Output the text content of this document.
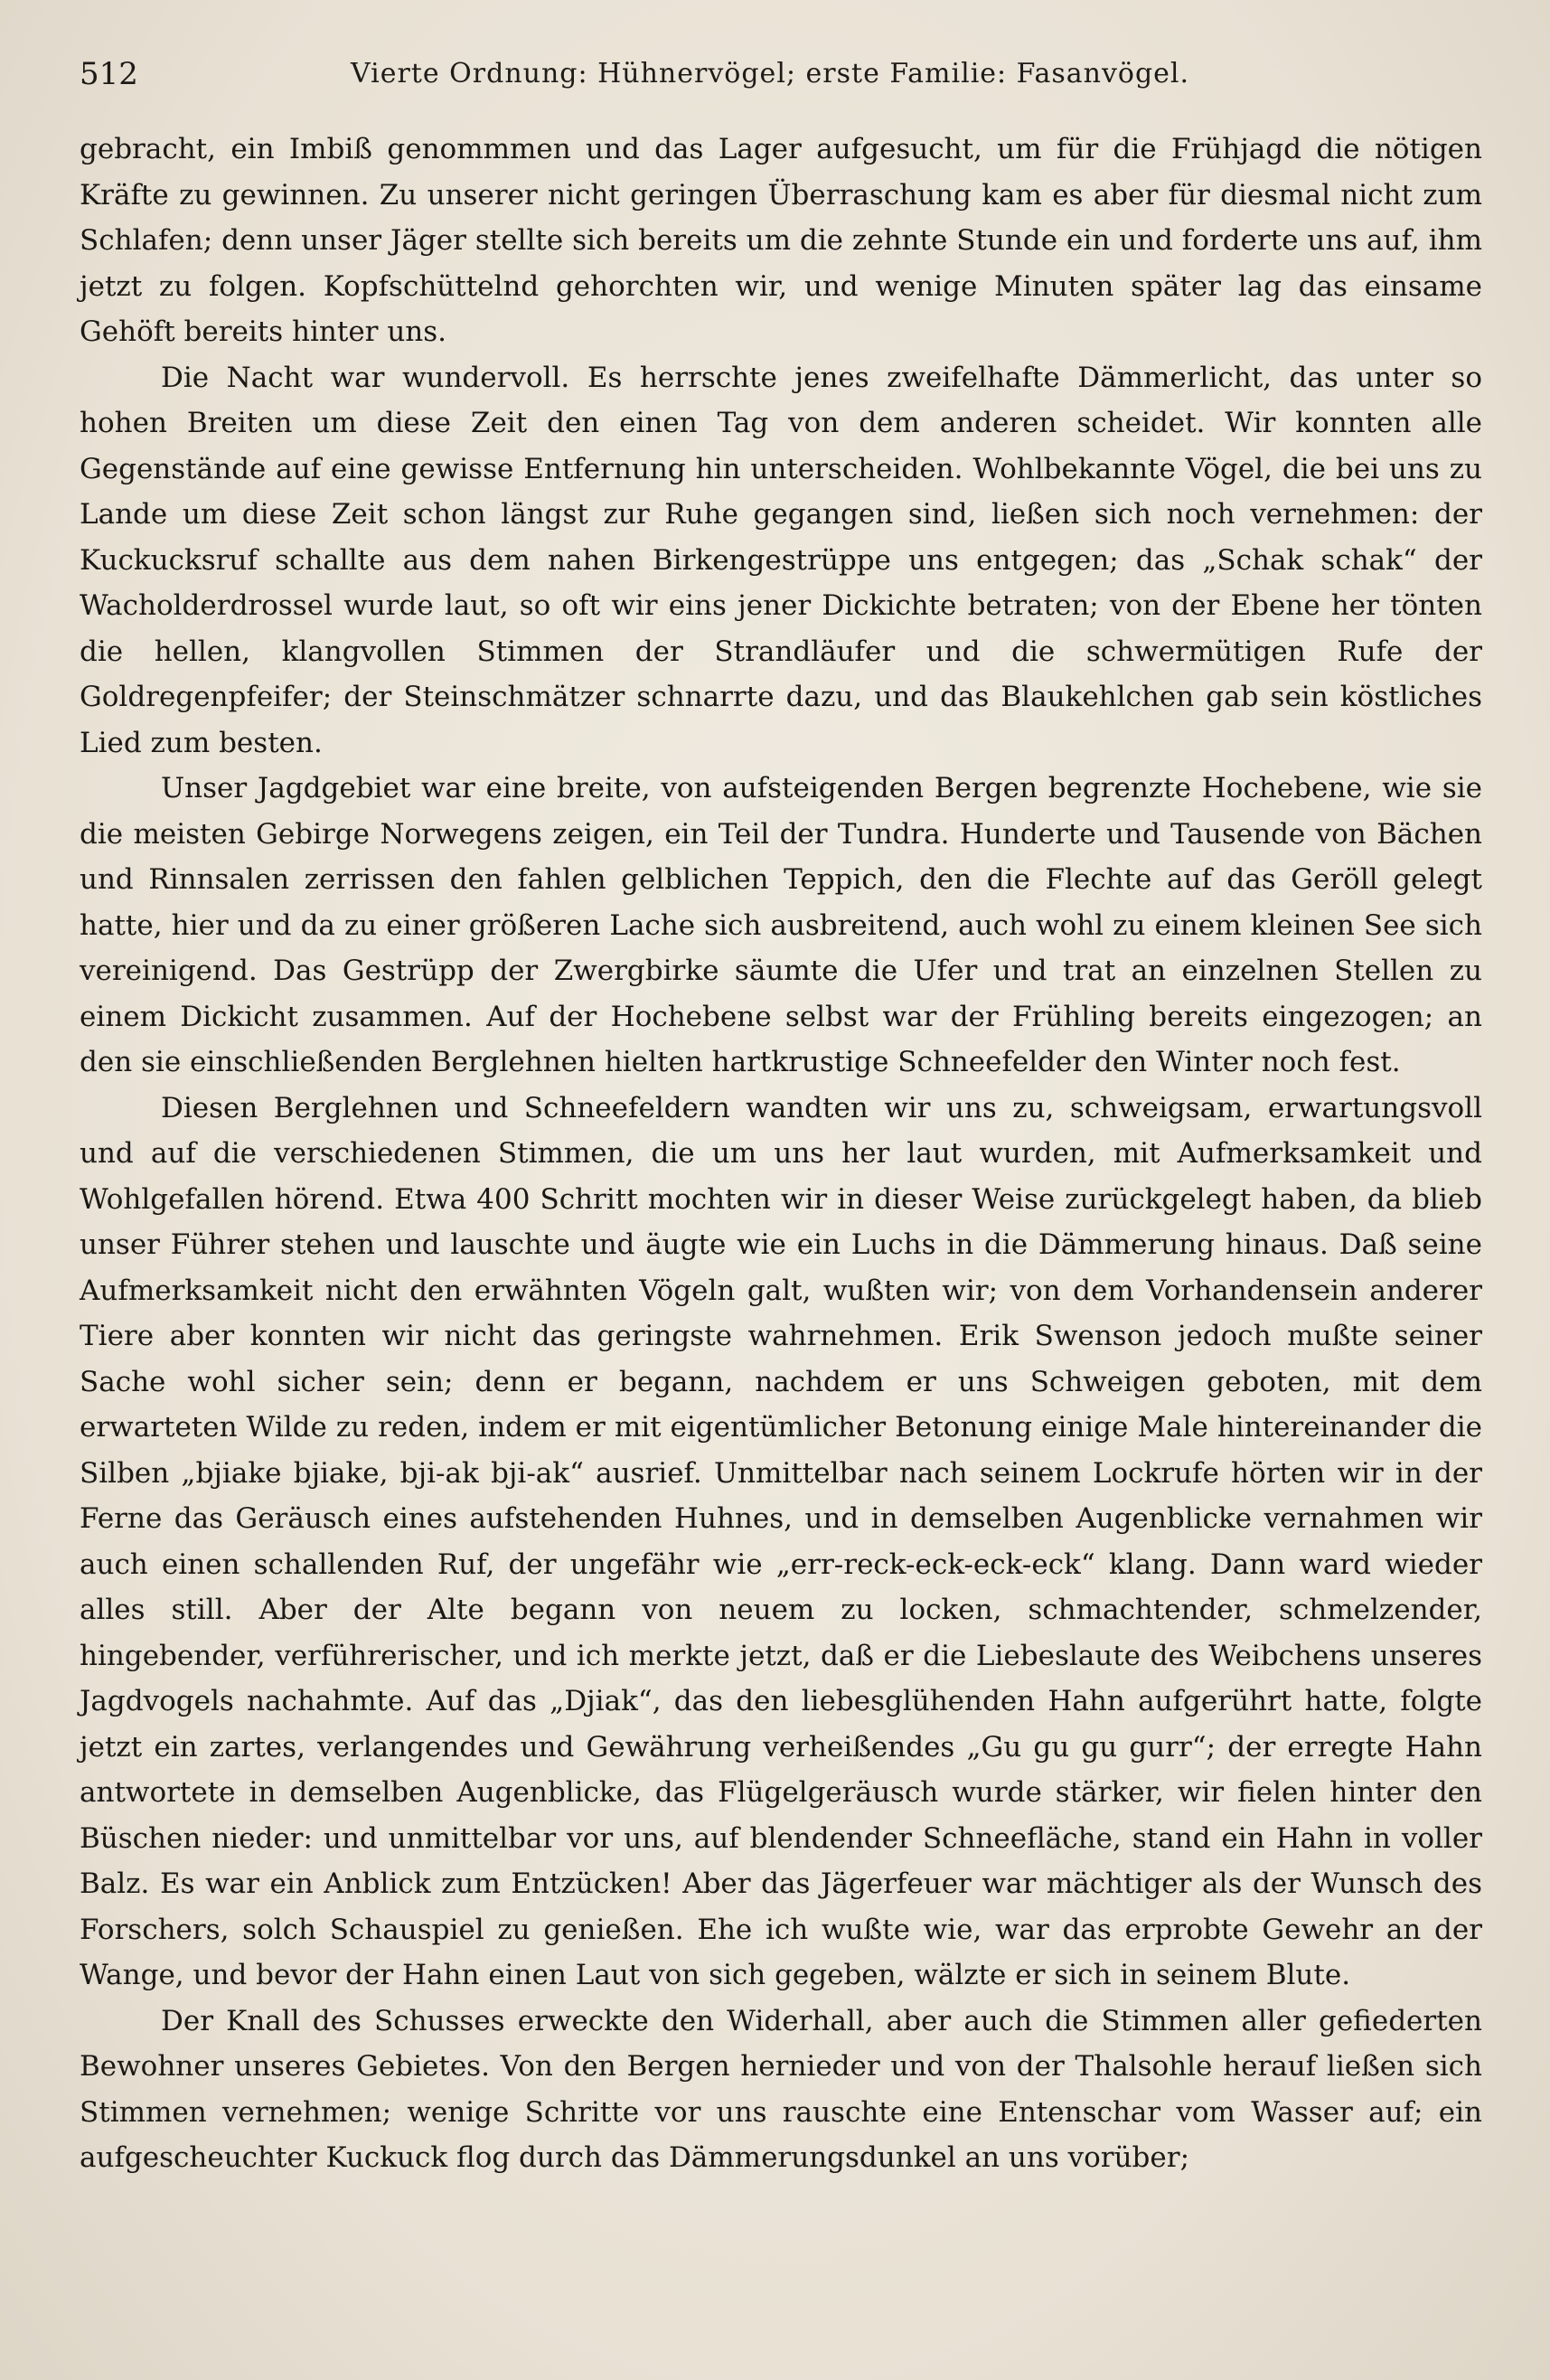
512	Vierte Ordnung: Hühnervögel; erste Familie: Fasanvögel.

gebracht, ein Imbiß genommmen und das Lager aufgesucht, um für die Frühjagd die nötigen Kräfte zu gewinnen. Zu unserer nicht geringen Überraschung kam es aber für diesmal nicht zum Schlafen; denn unser Jäger stellte sich bereits um die zehnte Stunde ein und forderte uns auf, ihm jetzt zu folgen. Kopfschüttelnd gehorchten wir, und wenige Minuten später lag das einsame Gehöft bereits hinter uns.

Die Nacht war wundervoll. Es herrschte jenes zweifelhafte Dämmerlicht, das unter so hohen Breiten um diese Zeit den einen Tag von dem anderen scheidet. Wir konnten alle Gegenstände auf eine gewisse Entfernung hin unterscheiden. Wohlbekannte Vögel, die bei uns zu Lande um diese Zeit schon längst zur Ruhe gegangen sind, ließen sich noch vernehmen: der Kuckucksruf schallte aus dem nahen Birkengestrüppe uns entgegen; das „Schak schak“ der Wacholderdrossel wurde laut, so oft wir eins jener Dickichte betraten; von der Ebene her tönten die hellen, klangvollen Stimmen der Strandläufer und die schwermütigen Rufe der Goldregenpfeifer; der Steinschmätzer schnarrte dazu, und das Blaukehlchen gab sein köstliches Lied zum besten.

Unser Jagdgebiet war eine breite, von aufsteigenden Bergen begrenzte Hochebene, wie sie die meisten Gebirge Norwegens zeigen, ein Teil der Tundra. Hunderte und Tausende von Bächen und Rinnsalen zerrissen den fahlen gelblichen Teppich, den die Flechte auf das Geröll gelegt hatte, hier und da zu einer größeren Lache sich ausbreitend, auch wohl zu einem kleinen See sich vereinigend. Das Gestrüpp der Zwergbirke säumte die Ufer und trat an einzelnen Stellen zu einem Dickicht zusammen. Auf der Hochebene selbst war der Frühling bereits eingezogen; an den sie einschließenden Berglehnen hielten hartkrustige Schneefelder den Winter noch fest.

Diesen Berglehnen und Schneefeldern wandten wir uns zu, schweigsam, erwartungsvoll und auf die verschiedenen Stimmen, die um uns her laut wurden, mit Aufmerksamkeit und Wohlgefallen hörend. Etwa 400 Schritt mochten wir in dieser Weise zurückgelegt haben, da blieb unser Führer stehen und lauschte und äugte wie ein Luchs in die Dämmerung hinaus. Daß seine Aufmerksamkeit nicht den erwähnten Vögeln galt, wußten wir; von dem Vorhandensein anderer Tiere aber konnten wir nicht das geringste wahrnehmen. Erik Swenson jedoch mußte seiner Sache wohl sicher sein; denn er begann, nachdem er uns Schweigen geboten, mit dem erwarteten Wilde zu reden, indem er mit eigentümlicher Betonung einige Male hintereinander die Silben „bjiake bjiake, bji-ak bji-ak“ ausrief. Unmittelbar nach seinem Lockrufe hörten wir in der Ferne das Geräusch eines aufstehenden Huhnes, und in demselben Augenblicke vernahmen wir auch einen schallenden Ruf, der ungefähr wie „err-reck-eck-eck-eck“ klang. Dann ward wieder alles still. Aber der Alte begann von neuem zu locken, schmachtender, schmelzender, hingebender, verführerischer, und ich merkte jetzt, daß er die Liebeslaute des Weibchens unseres Jagdvogels nachahmte. Auf das „Djiak“, das den liebesglühenden Hahn aufgerührt hatte, folgte jetzt ein zartes, verlangendes und Gewährung verheißendes „Gu gu gu gurr“; der erregte Hahn antwortete in demselben Augenblicke, das Flügelgeräusch wurde stärker, wir fielen hinter den Büschen nieder: und unmittelbar vor uns, auf blendender Schneefläche, stand ein Hahn in voller Balz. Es war ein Anblick zum Entzücken! Aber das Jägerfeuer war mächtiger als der Wunsch des Forschers, solch Schauspiel zu genießen. Ehe ich wußte wie, war das erprobte Gewehr an der Wange, und bevor der Hahn einen Laut von sich gegeben, wälzte er sich in seinem Blute.

Der Knall des Schusses erweckte den Widerhall, aber auch die Stimmen aller gefiederten Bewohner unseres Gebietes. Von den Bergen hernieder und von der Thalsohle herauf ließen sich Stimmen vernehmen; wenige Schritte vor uns rauschte eine Entenschar vom Wasser auf; ein aufgescheuchter Kuckuck flog durch das Dämmerungsdunkel an uns vorüber;
